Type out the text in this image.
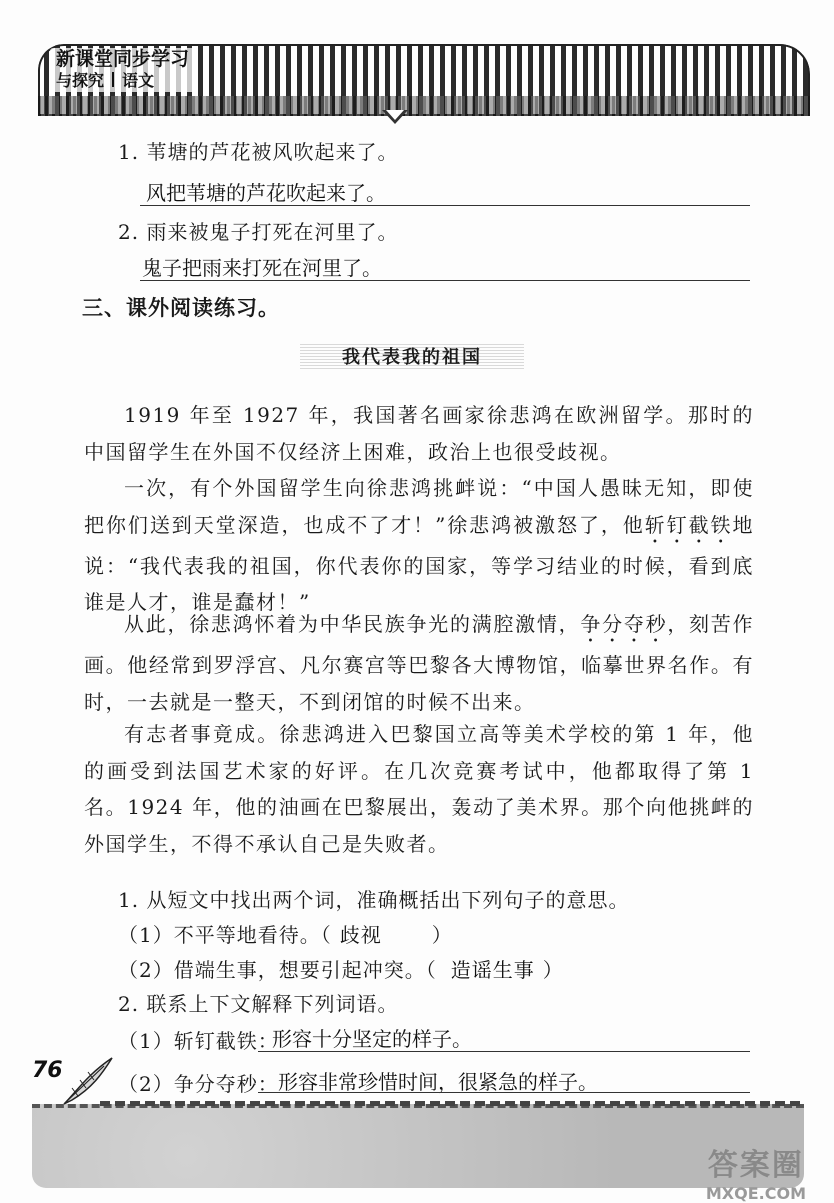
新课堂同步学习
与探究 语文
1. 苇塘的芦花被风吹起来了。
风把苇塘的芦花吹起来了。
2. 雨来被鬼子打死在河里了。
鬼子把雨来打死在河里了。
三、课外阅读练习。
我代表我的祖国
1919 年至 1927 年，我国著名画家徐悲鸿在欧洲留学。那时的中国留学生在外国不仅经济上困难，政治上也很受歧视。
一次，有个外国留学生向徐悲鸿挑衅说：“中国人愚昧无知，即使把你们送到天堂深造，也成不了才！”徐悲鸿被激怒了，他斩钉截铁地说：“我代表我的祖国，你代表你的国家，等学习结业的时候，看到底谁是人才，谁是蠢材！”
从此，徐悲鸿怀着为中华民族争光的满腔激情，争分夺秒，刻苦作画。他经常到罗浮宫、凡尔赛宫等巴黎各大博物馆，临摹世界名作。有时，一去就是一整天，不到闭馆的时候不出来。
有志者事竟成。徐悲鸿进入巴黎国立高等美术学校的第 1 年，他的画受到法国艺术家的好评。在几次竞赛考试中，他都取得了第 1 名。1924 年，他的油画在巴黎展出，轰动了美术界。那个向他挑衅的外国学生，不得不承认自己是失败者。
1. 从短文中找出两个词，准确概括出下列句子的意思。
（1）不平等地看待。（ 歧视	）
（2）借端生事，想要引起冲突。（ 造谣生事 ）
2. 联系上下文解释下列词语。
（1）斩钉截铁：
形容十分坚定的样子。
（2）争分夺秒： 形容非常珍惜时间，很紧急的样子。
76
答案圈
MXQE.COM
